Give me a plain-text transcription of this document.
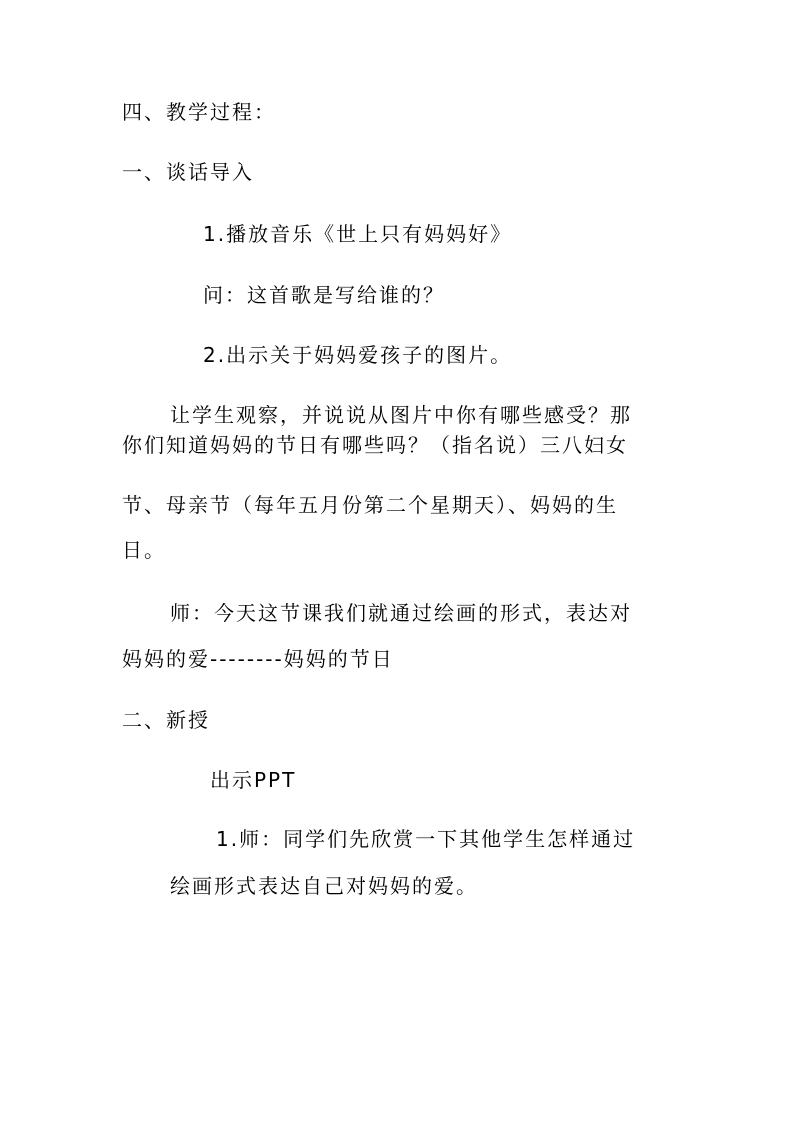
四、教学过程：
一、谈话导入
1.播放音乐《世上只有妈妈好》
问：这首歌是写给谁的？
2.出示关于妈妈爱孩子的图片。
让学生观察，并说说从图片中你有哪些感受？那
你们知道妈妈的节日有哪些吗？（指名说）三八妇女
节、母亲节（每年五月份第二个星期天）、妈妈的生
日。
师：今天这节课我们就通过绘画的形式，表达对
妈妈的爱--------妈妈的节日
二、新授
出示PPT
1.师：同学们先欣赏一下其他学生怎样通过
绘画形式表达自己对妈妈的爱。
